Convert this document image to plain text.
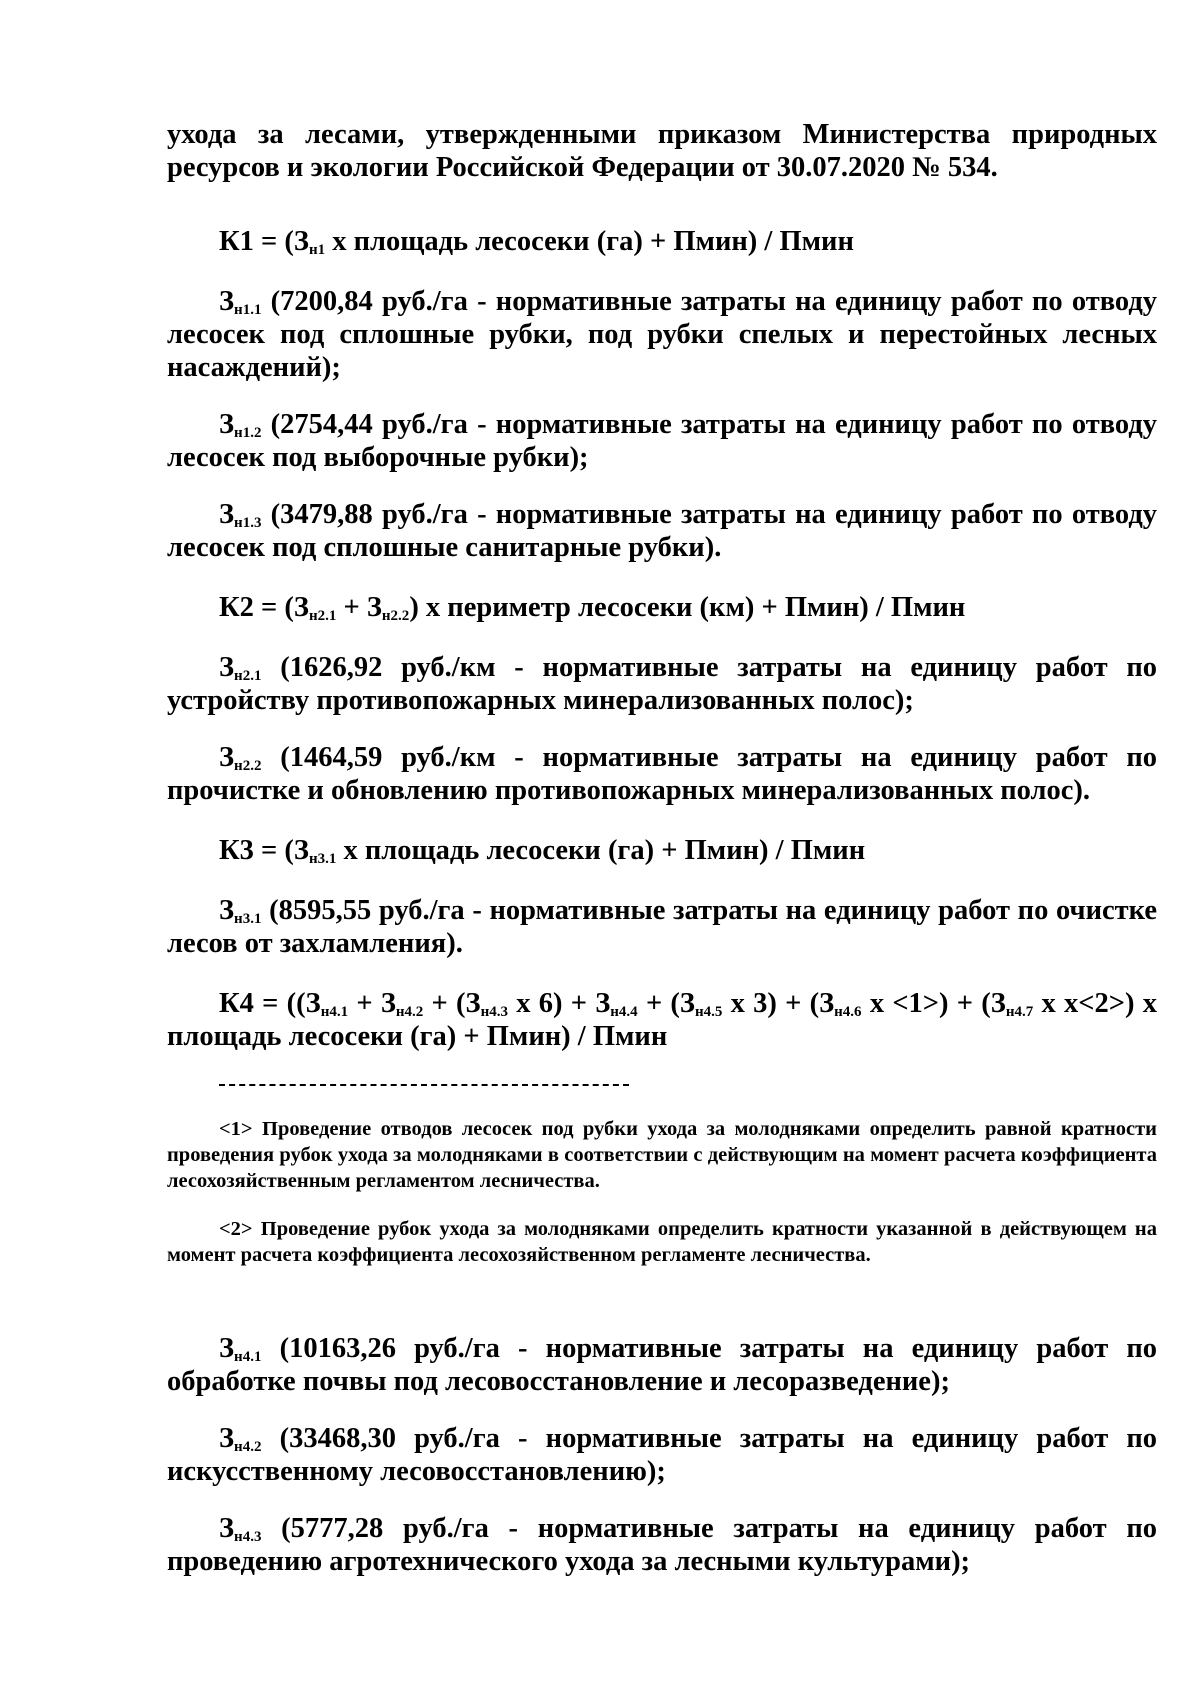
ухода за лесами, утвержденными приказом Министерства природных ресурсов и экологии Российской Федерации от 30.07.2020 № 534.

$К1 = (З_{н1}$ х площадь лесосеки (га) + Пмин) / Пмин

$З_{н1.1}$ (7200,84 руб./га - нормативные затраты на единицу работ по отводу лесосек под сплошные рубки, под рубки спелых и перестойных лесных насаждений);

$З_{н1.2}$ (2754,44 руб./га - нормативные затраты на единицу работ по отводу лесосек под выборочные рубки);

$З_{н1.3}$ (3479,88 руб./га - нормативные затраты на единицу работ по отводу лесосек под сплошные санитарные рубки).

$К2 = (З_{н2.1} + З_{н2.2})$ х периметр лесосеки (км) + Пмин) / Пмин

$З_{н2.1}$ (1626,92 руб./км - нормативные затраты на единицу работ по устройству противопожарных минерализованных полос);

$З_{н2.2}$ (1464,59 руб./км - нормативные затраты на единицу работ по прочистке и обновлению противопожарных минерализованных полос).

$К3 = (З_{н3.1}$ х площадь лесосеки (га) + Пмин) / Пмин

$З_{н3.1}$ (8595,55 руб./га - нормативные затраты на единицу работ по очистке лесов от захламления).

$К4 = ((З_{н4.1} + З_{н4.2} + (З_{н4.3}$ х $6) + З_{н4.4} + (З_{н4.5}$ х $3) + (З_{н4.6}$ $х <1>) + (З_{н4.7}$ х х<2>) х площадь лесосеки (га) + Пмин) / Пмин

<1> Проведение отводов лесосек под рубки ухода за молодняками определить равной кратности проведения рубок ухода за молодняками в соответствии с действующим на момент расчета коэффициента лесохозяйственным регламентом лесничества.

<2> Проведение рубок ухода за молодняками определить кратности указанной в действующем на момент расчета коэффициента лесохозяйственном регламенте лесничества.

$З_{н4.1}$ (10163,26 руб./га - нормативные затраты на единицу работ по обработке почвы под лесовосстановление и лесоразведение);

$З_{н4.2}$ (33468,30 руб./га - нормативные затраты на единицу работ по искусственному лесовосстановлению);

$З_{н4.3}$ (5777,28 руб./га - нормативные затраты на единицу работ по проведению агротехнического ухода за лесными культурами);
